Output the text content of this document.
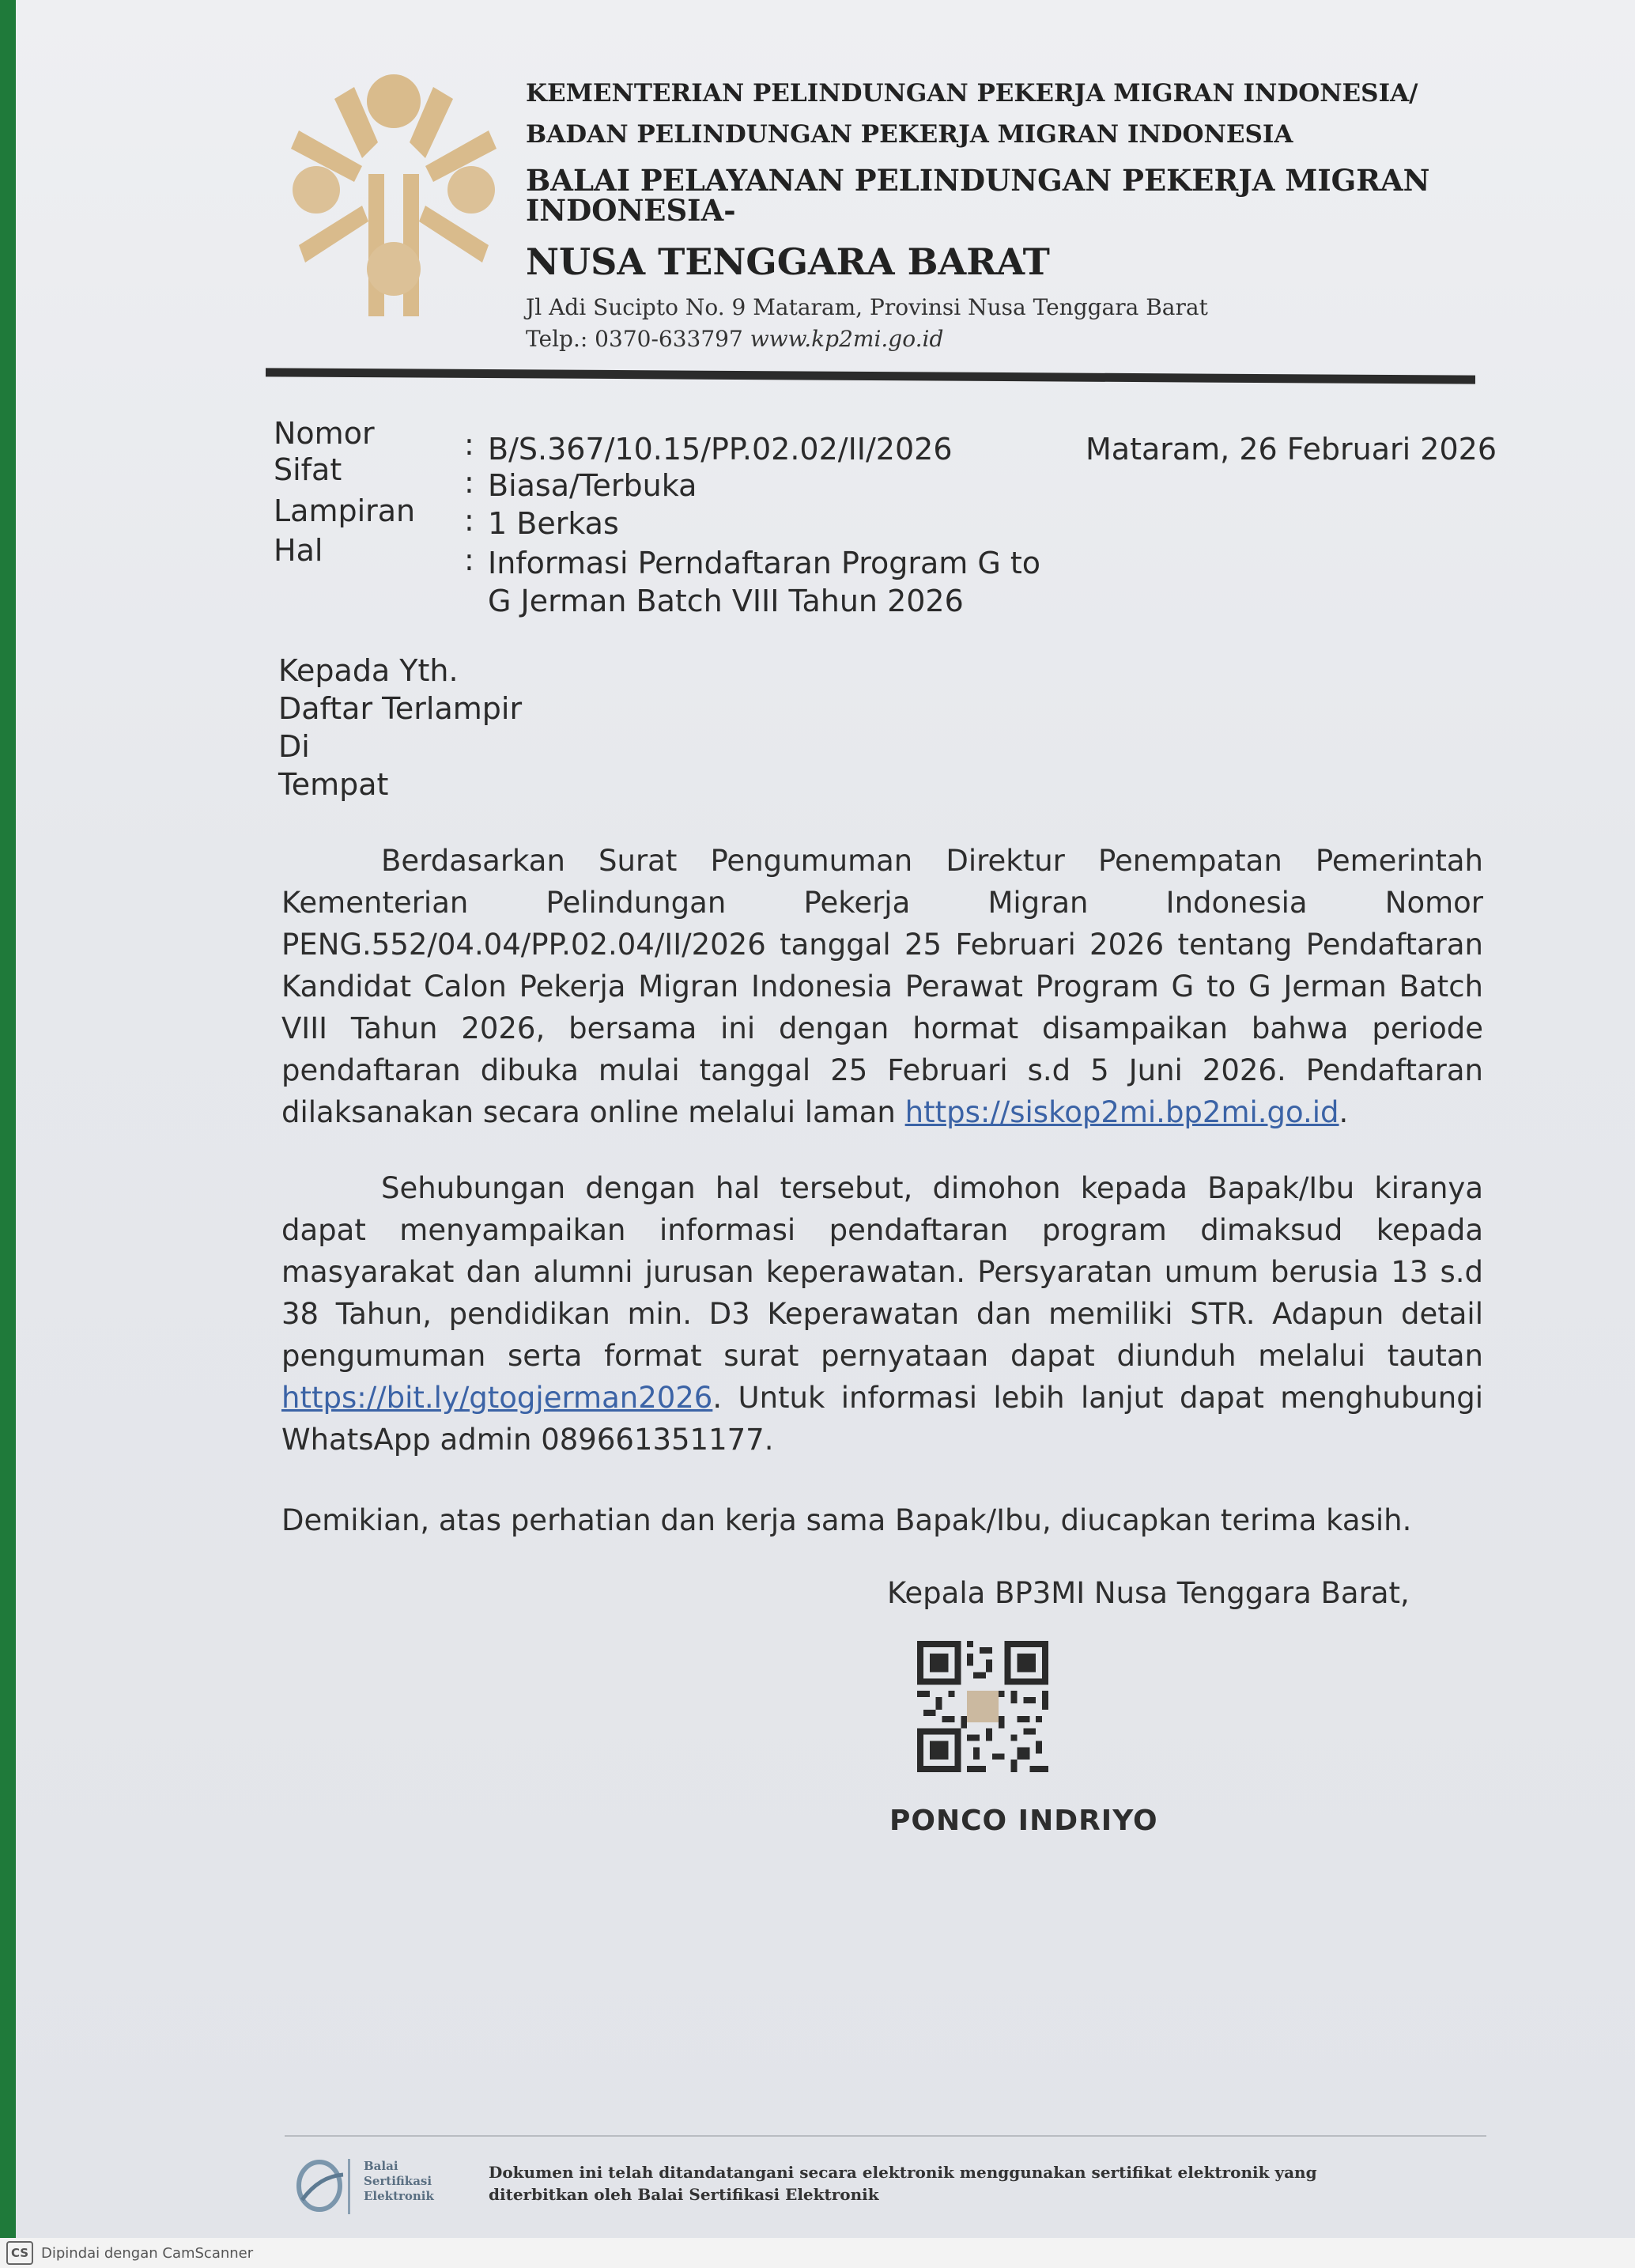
KEMENTERIAN PELINDUNGAN PEKERJA MIGRAN INDONESIA/
BADAN PELINDUNGAN PEKERJA MIGRAN INDONESIA
BALAI PELAYANAN PELINDUNGAN PEKERJA MIGRAN
INDONESIA-
NUSA TENGGARA BARAT
Jl Adi Sucipto No. 9 Mataram, Provinsi Nusa Tenggara Barat
Telp.: 0370-633797 www.kp2mi.go.id
Nomor
Sifat
Lampiran
Hal
:
:
:
:
B/S.367/10.15/PP.02.02/II/2026
Biasa/Terbuka
1 Berkas
Informasi Perndaftaran Program G to
G Jerman Batch VIII Tahun 2026
Mataram, 26 Februari 2026
Kepada Yth.
Daftar Terlampir
Di
Tempat
Berdasarkan Surat Pengumuman Direktur Penempatan Pemerintah Kementerian Pelindungan Pekerja Migran Indonesia Nomor PENG.552/04.04/PP.02.04/II/2026 tanggal 25 Februari 2026 tentang Pendaftaran Kandidat Calon Pekerja Migran Indonesia Perawat Program G to G Jerman Batch VIII Tahun 2026, bersama ini dengan hormat disampaikan bahwa periode pendaftaran dibuka mulai tanggal 25 Februari s.d 5 Juni 2026. Pendaftaran dilaksanakan secara online melalui laman https://siskop2mi.bp2mi.go.id.
Sehubungan dengan hal tersebut, dimohon kepada Bapak/Ibu kiranya dapat menyampaikan informasi pendaftaran program dimaksud kepada masyarakat dan alumni jurusan keperawatan. Persyaratan umum berusia 13 s.d 38 Tahun, pendidikan min. D3 Keperawatan dan memiliki STR. Adapun detail pengumuman serta format surat pernyataan dapat diunduh melalui tautan https://bit.ly/gtogjerman2026. Untuk informasi lebih lanjut dapat menghubungi WhatsApp admin 089661351177.
Demikian, atas perhatian dan kerja sama Bapak/Ibu, diucapkan terima kasih.
Kepala BP3MI Nusa Tenggara Barat,
PONCO INDRIYO
Balai Sertifikasi Elektronik
Dokumen ini telah ditandatangani secara elektronik menggunakan sertifikat elektronik yang
diterbitkan oleh Balai Sertifikasi Elektronik
CS Dipindai dengan CamScanner
